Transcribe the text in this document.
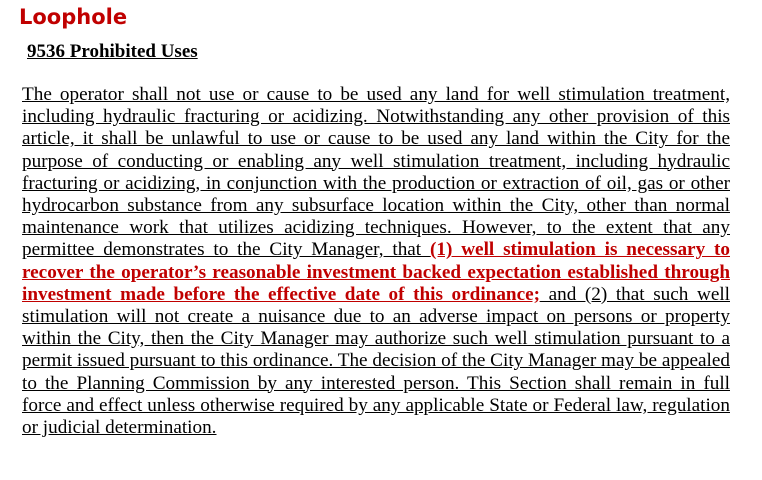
Loophole
9536 Prohibited Uses

The operator shall not use or cause to be used any land for well stimulation treatment, including hydraulic fracturing or acidizing. Notwithstanding any other provision of this article, it shall be unlawful to use or cause to be used any land within the City for the purpose of conducting or enabling any well stimulation treatment, including hydraulic fracturing or acidizing, in conjunction with the production or extraction of oil, gas or other hydrocarbon substance from any subsurface location within the City, other than normal maintenance work that utilizes acidizing techniques. However, to the extent that any permittee demonstrates to the City Manager, that (1) well stimulation is necessary to recover the operator’s reasonable investment backed expectation established through investment made before the effective date of this ordinance; and (2) that such well stimulation will not create a nuisance due to an adverse impact on persons or property within the City, then the City Manager may authorize such well stimulation pursuant to a permit issued pursuant to this ordinance. The decision of the City Manager may be appealed to the Planning Commission by any interested person. This Section shall remain in full force and effect unless otherwise required by any applicable State or Federal law, regulation or judicial determination.
